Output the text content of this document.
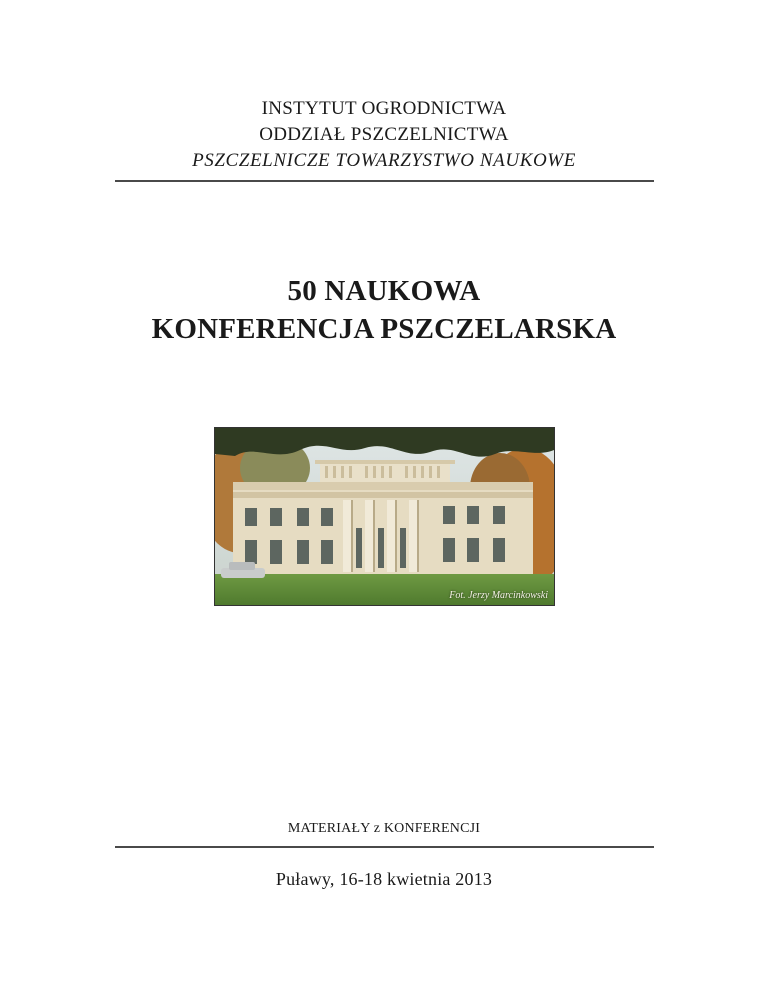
INSTYTUT OGRODNICTWA
ODDZIAŁ PSZCZELNICTWA
PSZCZELNICZE TOWARZYSTWO NAUKOWE
50 NAUKOWA
KONFERENCJA PSZCZELARSKA
Fot. Jerzy Marcinkowski
MATERIAŁY z KONFERENCJI
Puławy, 16-18 kwietnia 2013
